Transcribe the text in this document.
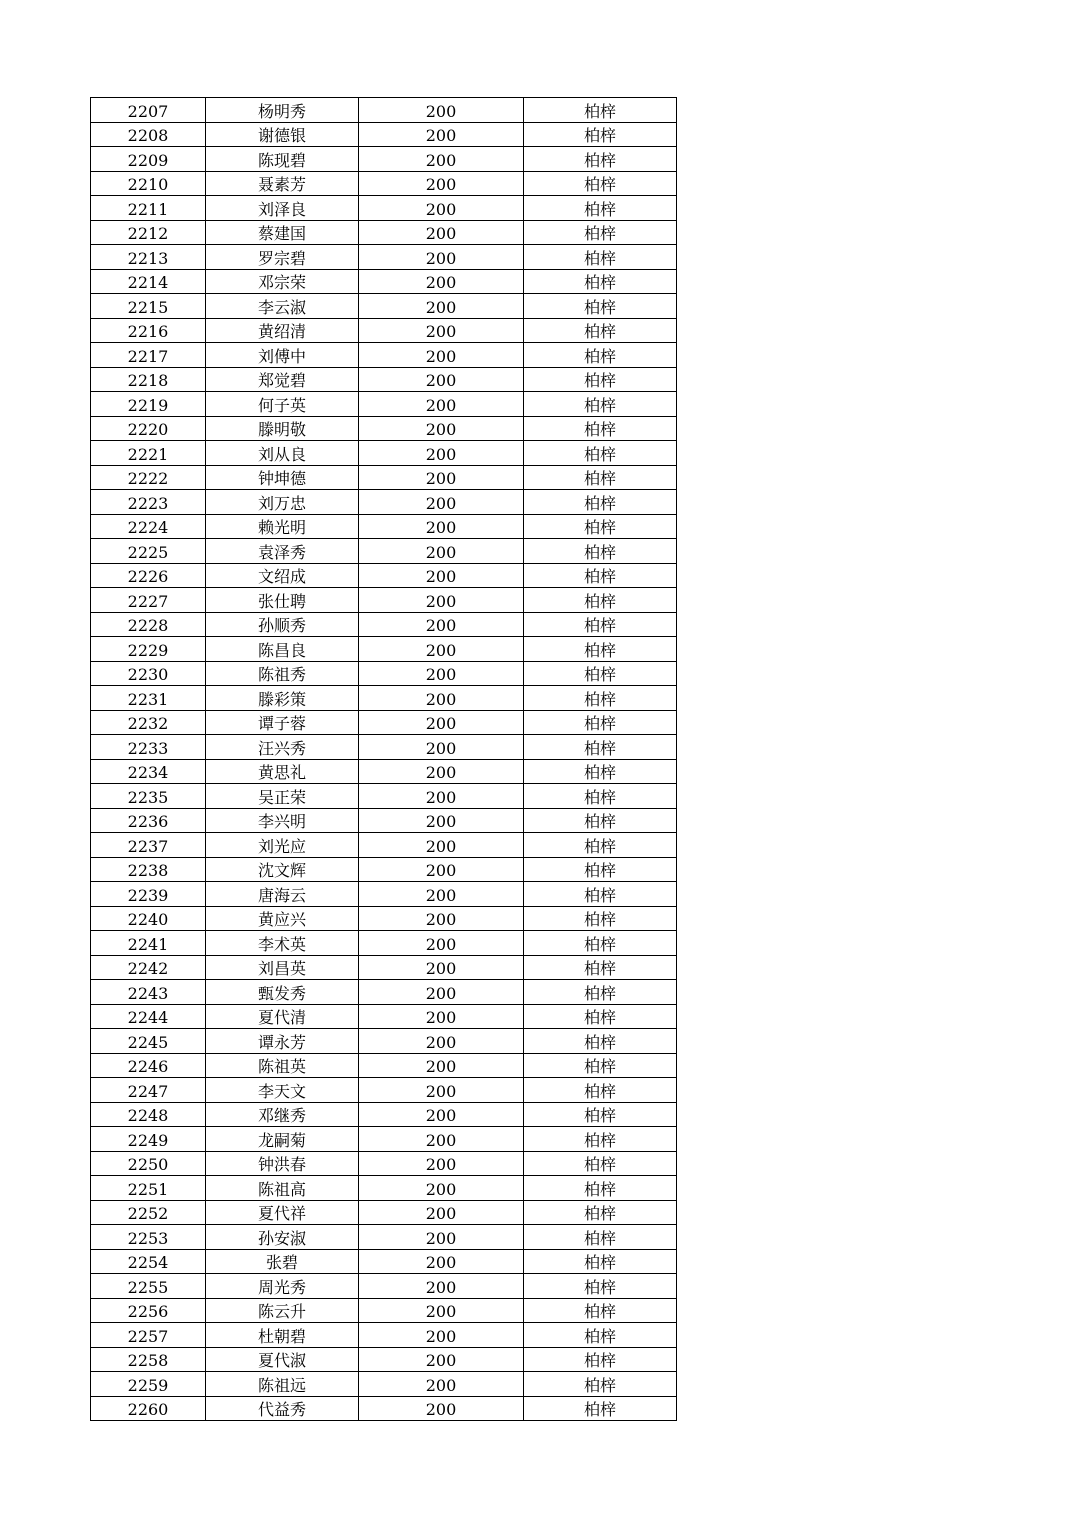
2207	杨明秀	200	柏梓
2208	谢德银	200	柏梓
2209	陈现碧	200	柏梓
2210	聂素芳	200	柏梓
2211	刘泽良	200	柏梓
2212	蔡建国	200	柏梓
2213	罗宗碧	200	柏梓
2214	邓宗荣	200	柏梓
2215	李云淑	200	柏梓
2216	黄绍清	200	柏梓
2217	刘傅中	200	柏梓
2218	郑觉碧	200	柏梓
2219	何子英	200	柏梓
2220	滕明敬	200	柏梓
2221	刘从良	200	柏梓
2222	钟坤德	200	柏梓
2223	刘万忠	200	柏梓
2224	赖光明	200	柏梓
2225	袁泽秀	200	柏梓
2226	文绍成	200	柏梓
2227	张仕聘	200	柏梓
2228	孙顺秀	200	柏梓
2229	陈昌良	200	柏梓
2230	陈祖秀	200	柏梓
2231	滕彩策	200	柏梓
2232	谭子蓉	200	柏梓
2233	汪兴秀	200	柏梓
2234	黄思礼	200	柏梓
2235	吴正荣	200	柏梓
2236	李兴明	200	柏梓
2237	刘光应	200	柏梓
2238	沈文辉	200	柏梓
2239	唐海云	200	柏梓
2240	黄应兴	200	柏梓
2241	李术英	200	柏梓
2242	刘昌英	200	柏梓
2243	甄发秀	200	柏梓
2244	夏代清	200	柏梓
2245	谭永芳	200	柏梓
2246	陈祖英	200	柏梓
2247	李天文	200	柏梓
2248	邓继秀	200	柏梓
2249	龙嗣菊	200	柏梓
2250	钟洪春	200	柏梓
2251	陈祖高	200	柏梓
2252	夏代祥	200	柏梓
2253	孙安淑	200	柏梓
2254	张碧	200	柏梓
2255	周光秀	200	柏梓
2256	陈云升	200	柏梓
2257	杜朝碧	200	柏梓
2258	夏代淑	200	柏梓
2259	陈祖远	200	柏梓
2260	代益秀	200	柏梓
